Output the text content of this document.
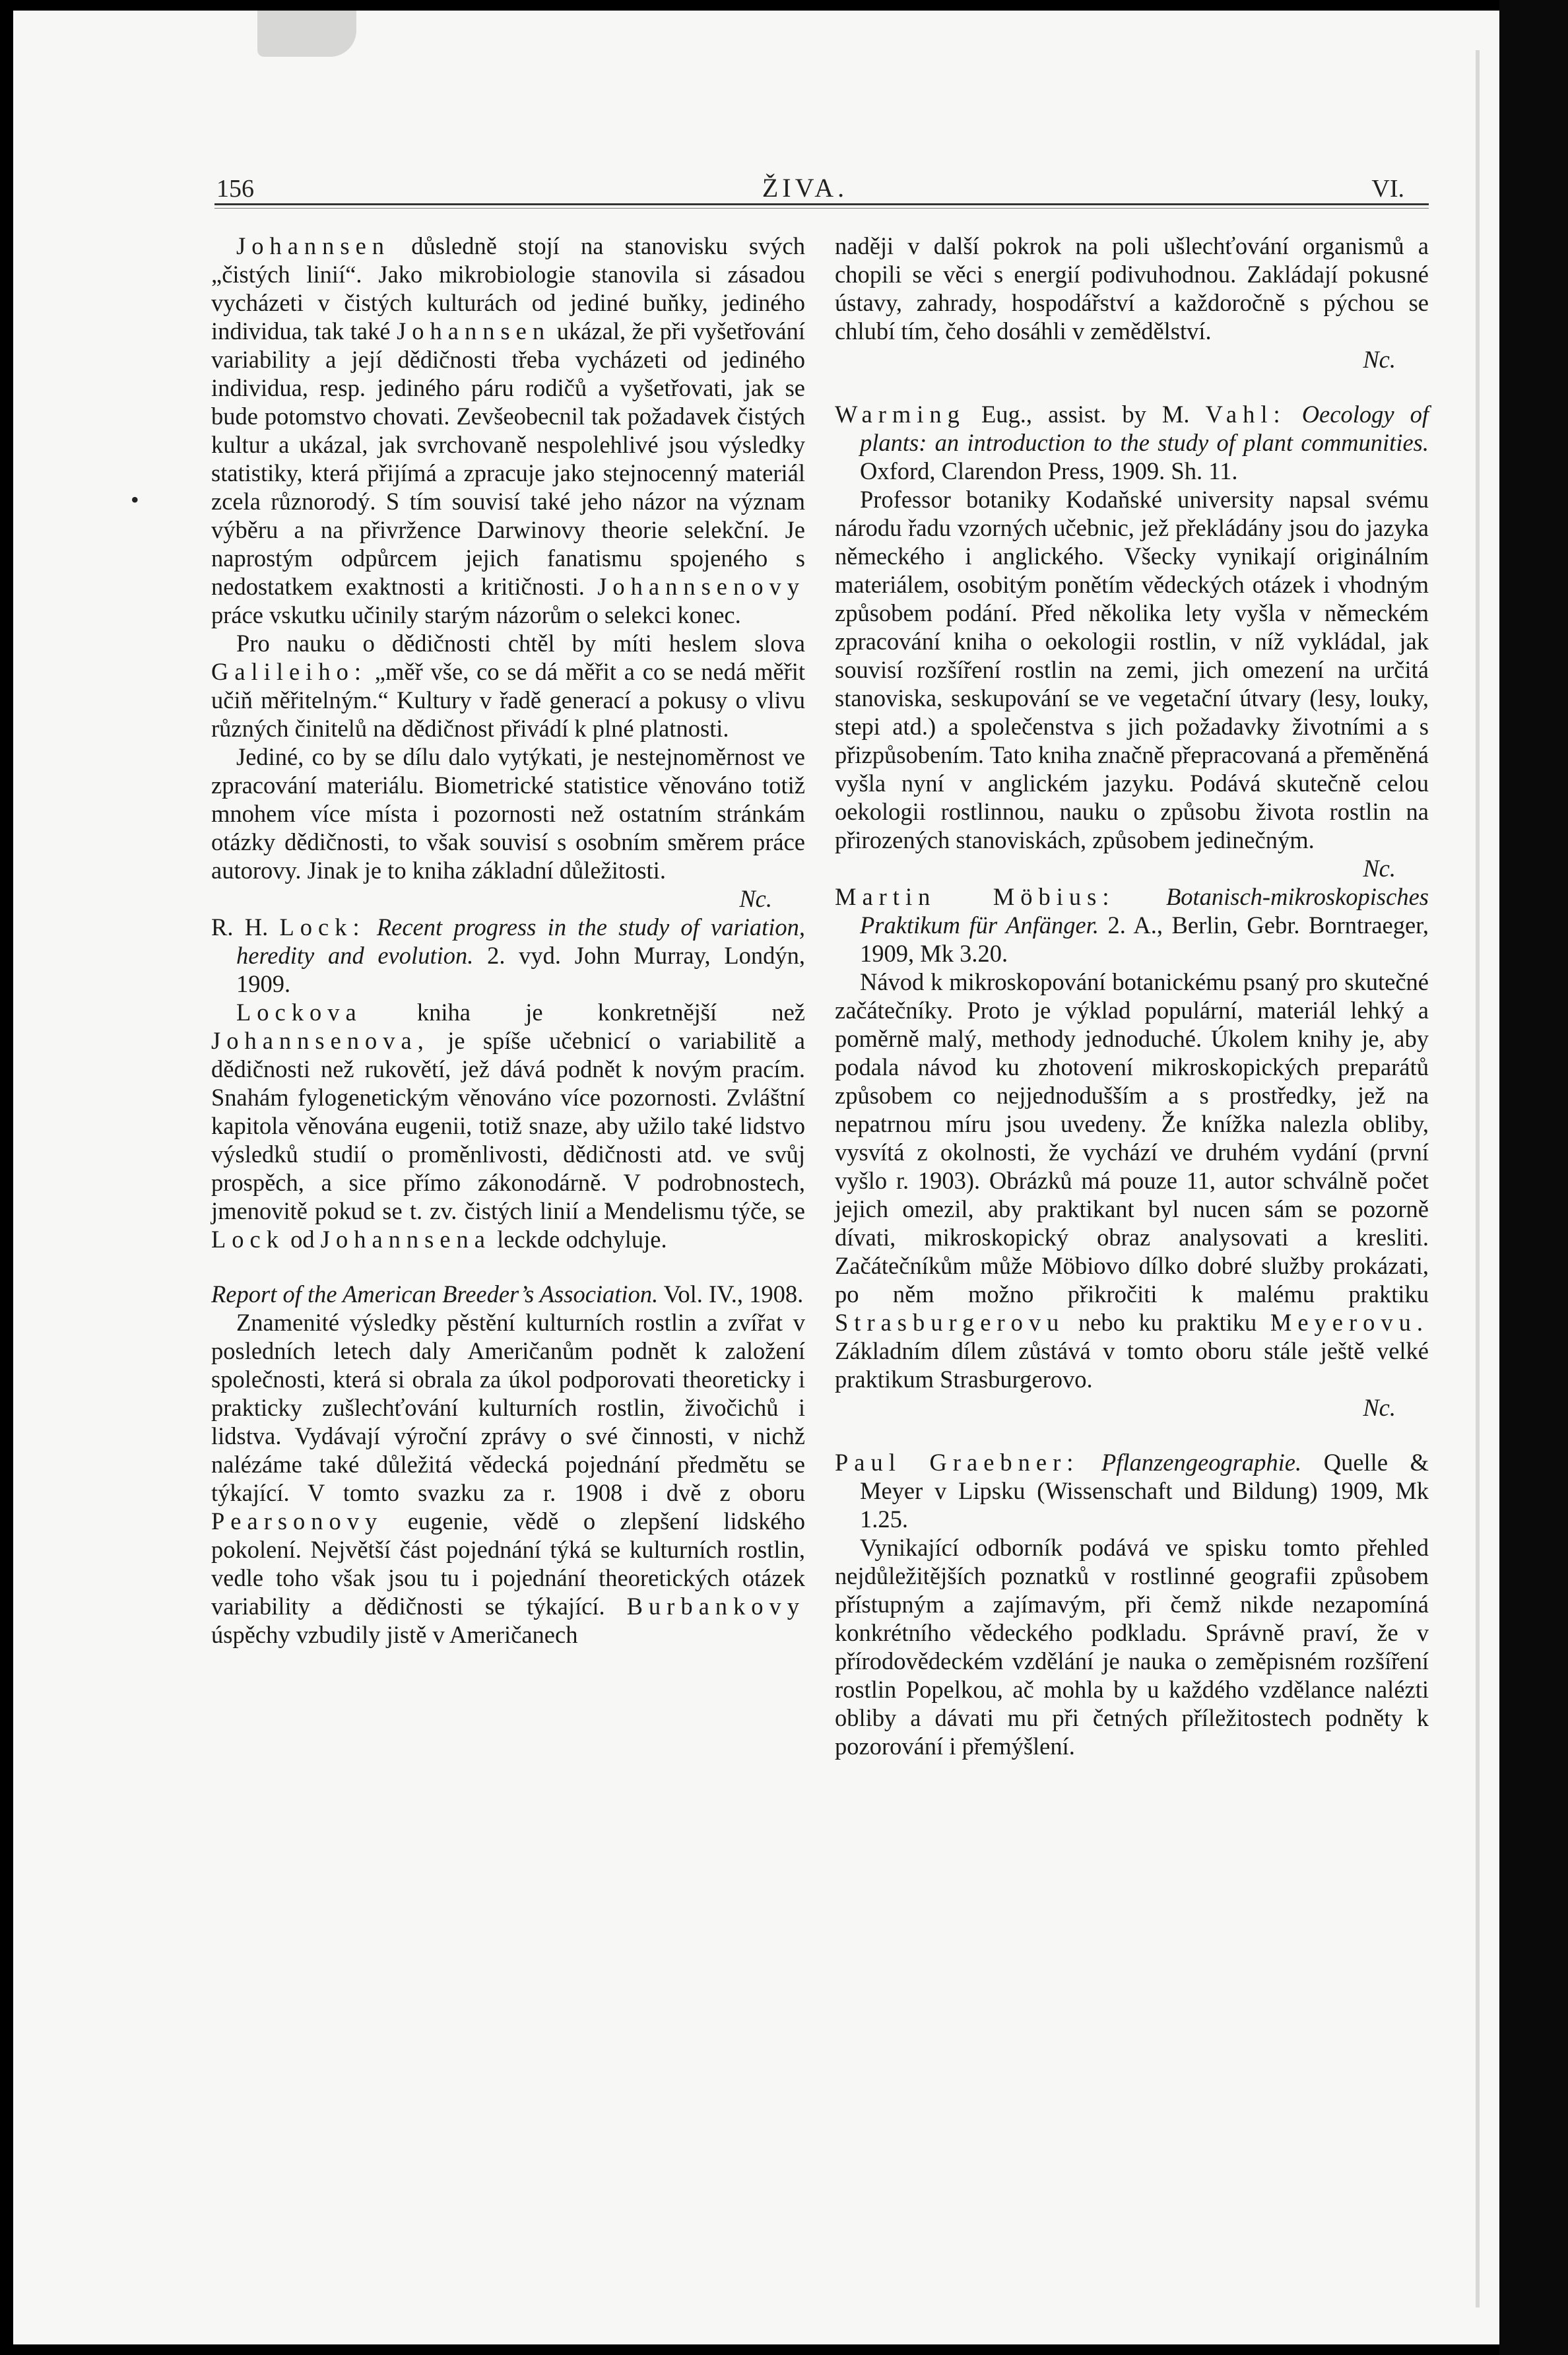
156	ŽIVA.	VI.
•

Johannsen důsledně stojí na stanovisku svých „čistých linií“. Jako mikrobiologie stanovila si zásadou vycházeti v čistých kulturách od jediné buňky, jediného individua, tak také Johannsen ukázal, že při vyšetřování variability a její dědičnosti třeba vycházeti od jediného individua, resp. jediného páru rodičů a vyšetřovati, jak se bude potomstvo chovati. Zevšeobecnil tak požadavek čistých kultur a ukázal, jak svrchovaně nespolehlivé jsou výsledky statistiky, která přijímá a zpracuje jako stejnocenný materiál zcela různorodý. S tím souvisí také jeho názor na význam výběru a na přivržence Darwinovy theorie selekční. Je naprostým odpůrcem jejich fanatismu spojeného s nedostatkem exaktnosti a kritičnosti. Johannsenovy práce vskutku učinily starým názorům o selekci konec.

Pro nauku o dědičnosti chtěl by míti heslem slova Galileiho: „měř vše, co se dá měřit a co se nedá měřit učiň měřitelným.“ Kultury v řadě generací a pokusy o vlivu různých činitelů na dědičnost přivádí k plné platnosti.

Jediné, co by se dílu dalo vytýkati, je nestejnoměrnost ve zpracování materiálu. Biometrické statistice věnováno totiž mnohem více místa i pozornosti než ostatním stránkám otázky dědičnosti, to však souvisí s osobním směrem práce autorovy. Jinak je to kniha základní důležitosti.

Nc.

R. H. Lock: Recent progress in the study of variation, heredity and evolution. 2. vyd. John Murray, Londýn, 1909.

Lockova kniha je konkretnější než Johannsenova, je spíše učebnicí o variabilitě a dědičnosti než rukovětí, jež dává podnět k novým pracím. Snahám fylogenetickým věnováno více pozornosti. Zvláštní kapitola věnována eugenii, totiž snaze, aby užilo také lidstvo výsledků studií o proměnlivosti, dědičnosti atd. ve svůj prospěch, a sice přímo zákonodárně. V podrobnostech, jmenovitě pokud se t. zv. čistých linií a Mendelismu týče, se Lock od Johannsena leckde odchyluje.

Report of the American Breeder’s Association. Vol. IV., 1908.

Znamenité výsledky pěstění kulturních rostlin a zvířat v posledních letech daly Američanům podnět k založení společnosti, která si obrala za úkol podporovati theoreticky i prakticky zušlechťování kulturních rostlin, živočichů i lidstva. Vydávají výroční zprávy o své činnosti, v nichž nalézáme také důležitá vědecká pojednání předmětu se týkající. V tomto svazku za r. 1908 i dvě z oboru Pearsonovy eugenie, vědě o zlepšení lidského pokolení. Největší část pojednání týká se kulturních rostlin, vedle toho však jsou tu i pojednání theoretických otázek variability a dědičnosti se týkající. Burbankovy úspěchy vzbudily jistě v Američanech

naději v další pokrok na poli ušlechťování organismů a chopili se věci s energií podivuhodnou. Zakládají pokusné ústavy, zahrady, hospodářství a každoročně s pýchou se chlubí tím, čeho dosáhli v zemědělství.

Nc.

Warming Eug., assist. by M. Vahl: Oecology of plants: an introduction to the study of plant communities. Oxford, Clarendon Press, 1909. Sh. 11.

Professor botaniky Kodaňské university napsal svému národu řadu vzorných učebnic, jež překládány jsou do jazyka německého i anglického. Všecky vynikají originálním materiálem, osobitým ponětím vědeckých otázek i vhodným způsobem podání. Před několika lety vyšla v německém zpracování kniha o oekologii rostlin, v níž vykládal, jak souvisí rozšíření rostlin na zemi, jich omezení na určitá stanoviska, seskupování se ve vegetační útvary (lesy, louky, stepi atd.) a společenstva s jich požadavky životními a s přizpůsobením. Tato kniha značně přepracovaná a přeměněná vyšla nyní v anglickém jazyku. Podává skutečně celou oekologii rostlinnou, nauku o způsobu života rostlin na přirozených stanoviskách, způsobem jedinečným.

Nc.

Martin Möbius: Botanisch-mikroskopisches Praktikum für Anfänger. 2. A., Berlin, Gebr. Borntraeger, 1909, Mk 3.20.

Návod k mikroskopování botanickému psaný pro skutečné začátečníky. Proto je výklad populární, materiál lehký a poměrně malý, methody jednoduché. Úkolem knihy je, aby podala návod ku zhotovení mikroskopických preparátů způsobem co nejjednodušším a s prostředky, jež na nepatrnou míru jsou uvedeny. Že knížka nalezla obliby, vysvítá z okolnosti, že vychází ve druhém vydání (první vyšlo r. 1903). Obrázků má pouze 11, autor schválně počet jejich omezil, aby praktikant byl nucen sám se pozorně dívati, mikroskopický obraz analysovati a kresliti. Začátečníkům může Möbiovo dílko dobré služby prokázati, po něm možno přikročiti k malému praktiku Strasburgerovu nebo ku praktiku Meyerovu. Základním dílem zůstává v tomto oboru stále ještě velké praktikum Strasburgerovo.

Nc.

Paul Graebner: Pflanzengeographie. Quelle & Meyer v Lipsku (Wissenschaft und Bildung) 1909, Mk 1.25.

Vynikající odborník podává ve spisku tomto přehled nejdůležitějších poznatků v rostlinné geografii způsobem přístupným a zajímavým, při čemž nikde nezapomíná konkrétního vědeckého podkladu. Správně praví, že v přírodovědeckém vzdělání je nauka o zeměpisném rozšíření rostlin Popelkou, ač mohla by u každého vzdělance nalézti obliby a dávati mu při četných příležitostech podněty k pozorování i přemýšlení.
